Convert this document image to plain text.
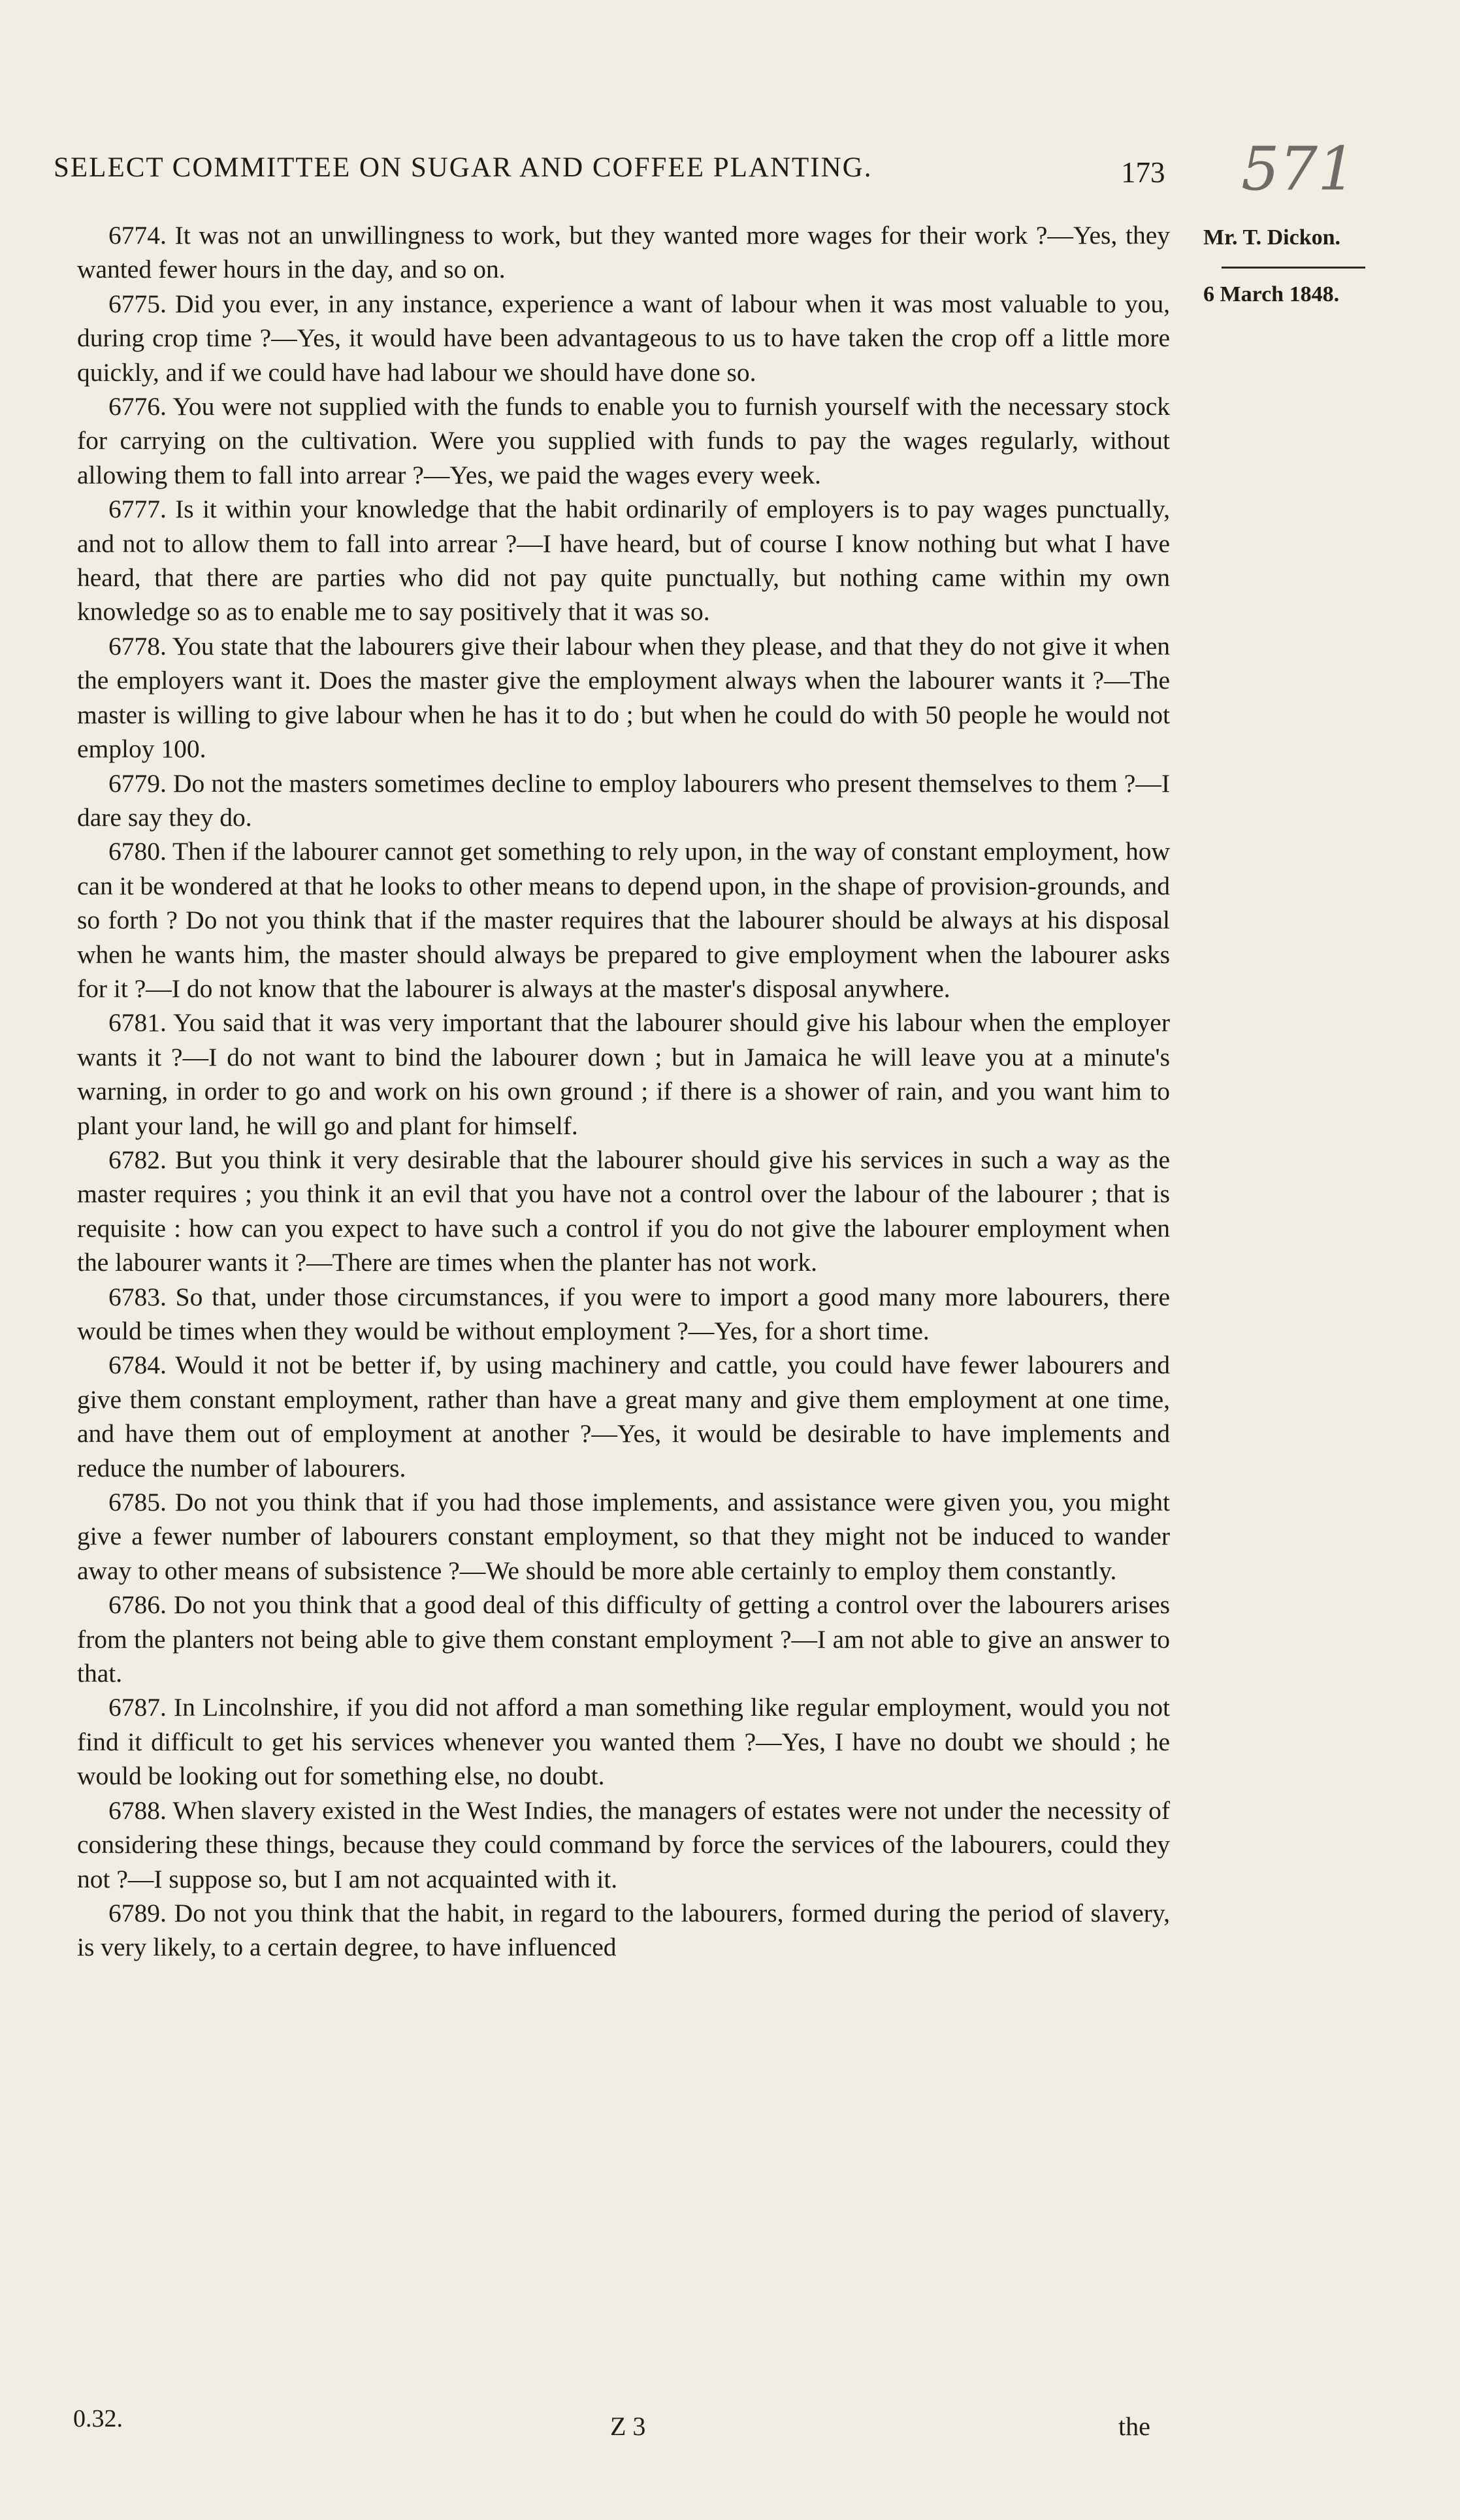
SELECT COMMITTEE ON SUGAR AND COFFEE PLANTING.	173 571
Mr. T. Dickon.
6 March 1848.

6774. It was not an unwillingness to work, but they wanted more wages for their work ?—Yes, they wanted fewer hours in the day, and so on.

6775. Did you ever, in any instance, experience a want of labour when it was most valuable to you, during crop time ?—Yes, it would have been advantageous to us to have taken the crop off a little more quickly, and if we could have had labour we should have done so.

6776. You were not supplied with the funds to enable you to furnish yourself with the necessary stock for carrying on the cultivation. Were you supplied with funds to pay the wages regularly, without allowing them to fall into arrear ?—Yes, we paid the wages every week.

6777. Is it within your knowledge that the habit ordinarily of employers is to pay wages punctually, and not to allow them to fall into arrear ?—I have heard, but of course I know nothing but what I have heard, that there are parties who did not pay quite punctually, but nothing came within my own knowledge so as to enable me to say positively that it was so.

6778. You state that the labourers give their labour when they please, and that they do not give it when the employers want it. Does the master give the employment always when the labourer wants it ?—The master is willing to give labour when he has it to do ; but when he could do with 50 people he would not employ 100.

6779. Do not the masters sometimes decline to employ labourers who present themselves to them ?—I dare say they do.

6780. Then if the labourer cannot get something to rely upon, in the way of constant employment, how can it be wondered at that he looks to other means to depend upon, in the shape of provision-grounds, and so forth ? Do not you think that if the master requires that the labourer should be always at his disposal when he wants him, the master should always be prepared to give employment when the labourer asks for it ?—I do not know that the labourer is always at the master's disposal anywhere.

6781. You said that it was very important that the labourer should give his labour when the employer wants it ?—I do not want to bind the labourer down ; but in Jamaica he will leave you at a minute's warning, in order to go and work on his own ground ; if there is a shower of rain, and you want him to plant your land, he will go and plant for himself.

6782. But you think it very desirable that the labourer should give his services in such a way as the master requires ; you think it an evil that you have not a control over the labour of the labourer ; that is requisite : how can you expect to have such a control if you do not give the labourer employment when the labourer wants it ?—There are times when the planter has not work.

6783. So that, under those circumstances, if you were to import a good many more labourers, there would be times when they would be without employment ?—Yes, for a short time.

6784. Would it not be better if, by using machinery and cattle, you could have fewer labourers and give them constant employment, rather than have a great many and give them employment at one time, and have them out of employment at another ?—Yes, it would be desirable to have implements and reduce the number of labourers.

6785. Do not you think that if you had those implements, and assistance were given you, you might give a fewer number of labourers constant employment, so that they might not be induced to wander away to other means of subsistence ?—We should be more able certainly to employ them constantly.

6786. Do not you think that a good deal of this difficulty of getting a control over the labourers arises from the planters not being able to give them constant employment ?—I am not able to give an answer to that.

6787. In Lincolnshire, if you did not afford a man something like regular employment, would you not find it difficult to get his services whenever you wanted them ?—Yes, I have no doubt we should ; he would be looking out for something else, no doubt.

6788. When slavery existed in the West Indies, the managers of estates were not under the necessity of considering these things, because they could command by force the services of the labourers, could they not ?—I suppose so, but I am not acquainted with it.

6789. Do not you think that the habit, in regard to the labourers, formed during the period of slavery, is very likely, to a certain degree, to have influenced

0.32.	Z 3	the
